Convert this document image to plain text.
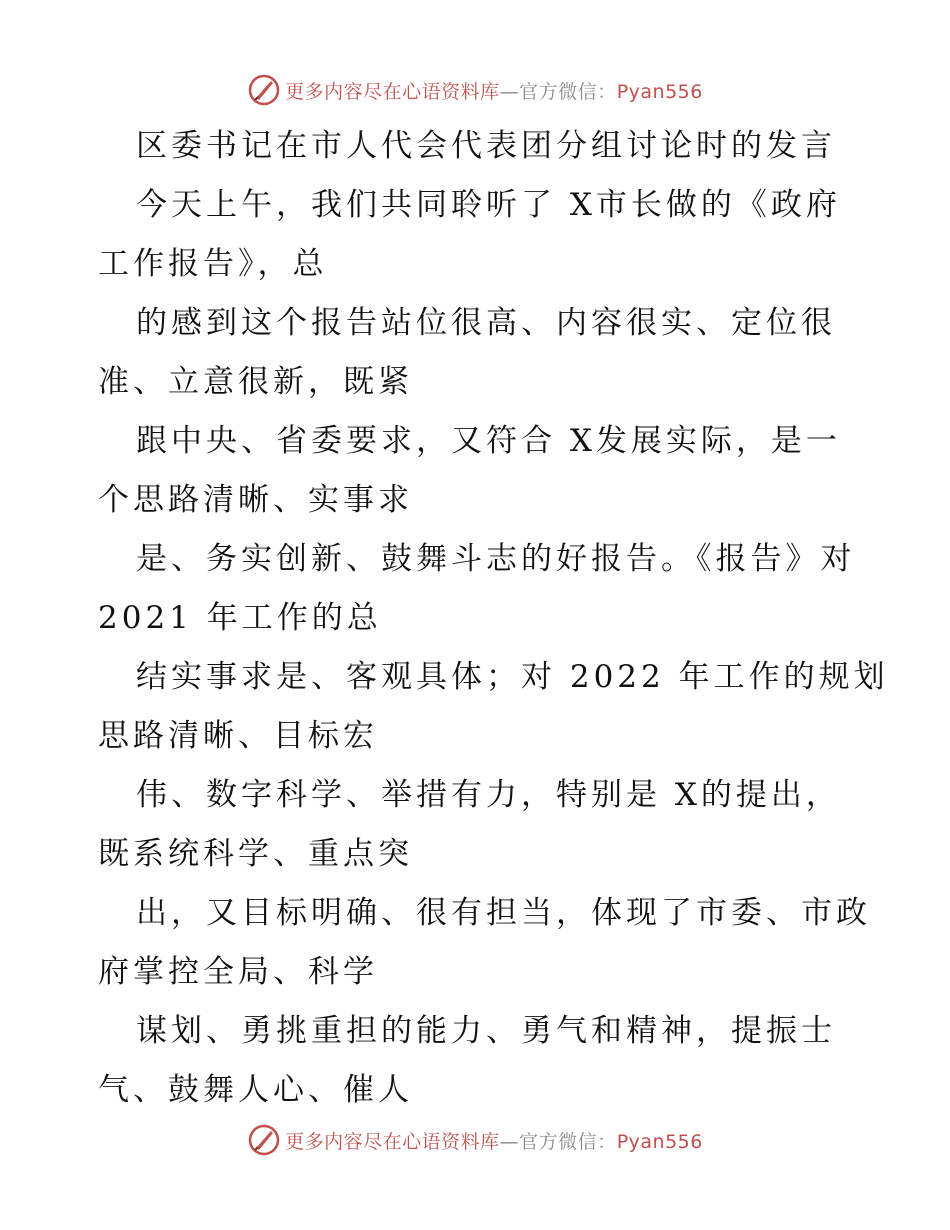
更多内容尽在心语资料库—官方微信：Pyan556
区委书记在市人代会代表团分组讨论时的发言
今天上午，我们共同聆听了 X市长做的《政府
工作报告》，总
的感到这个报告站位很高、内容很实、定位很
准、立意很新，既紧
跟中央、省委要求，又符合 X发展实际，是一
个思路清晰、实事求
是、务实创新、鼓舞斗志的好报告。《报告》对
2021 年工作的总
结实事求是、客观具体；对 2022 年工作的规划
思路清晰、目标宏
伟、数字科学、举措有力，特别是 X的提出，
既系统科学、重点突
出，又目标明确、很有担当，体现了市委、市政
府掌控全局、科学
谋划、勇挑重担的能力、勇气和精神，提振士
气、鼓舞人心、催人
更多内容尽在心语资料库—官方微信：Pyan556
